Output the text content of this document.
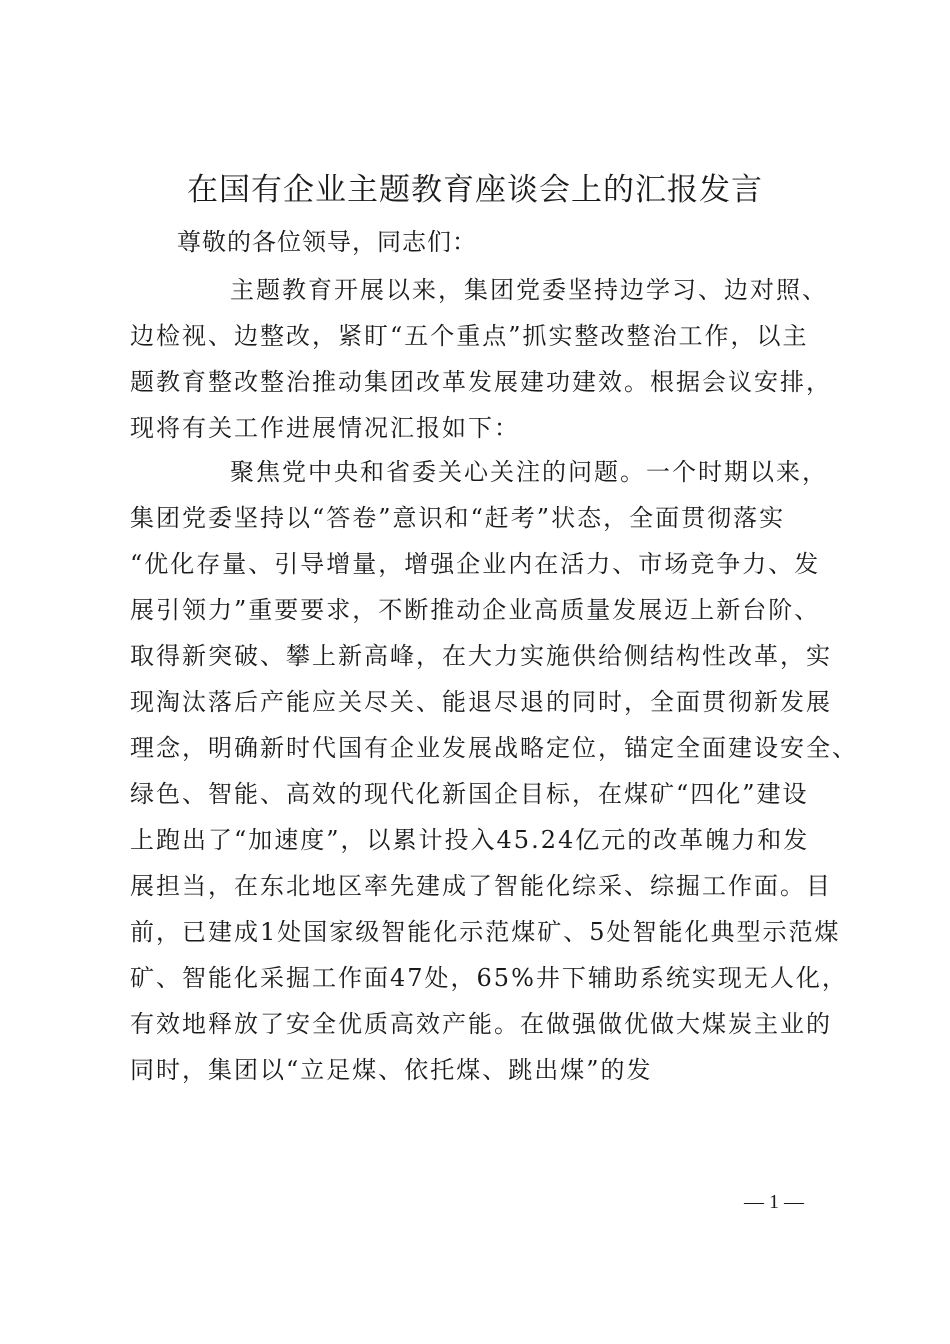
在国有企业主题教育座谈会上的汇报发言
尊敬的各位领导，同志们：
主题教育开展以来，集团党委坚持边学习、边对照、
边检视、边整改，紧盯“五个重点”抓实整改整治工作，以主
题教育整改整治推动集团改革发展建功建效。根据会议安排，
现将有关工作进展情况汇报如下：
聚焦党中央和省委关心关注的问题。一个时期以来，
集团党委坚持以“答卷”意识和“赶考”状态，全面贯彻落实
“优化存量、引导增量，增强企业内在活力、市场竞争力、发
展引领力”重要要求，不断推动企业高质量发展迈上新台阶、
取得新突破、攀上新高峰，在大力实施供给侧结构性改革，实
现淘汰落后产能应关尽关、能退尽退的同时，全面贯彻新发展
理念，明确新时代国有企业发展战略定位，锚定全面建设安全、
绿色、智能、高效的现代化新国企目标，在煤矿“四化”建设
上跑出了“加速度”，以累计投入45.24亿元的改革魄力和发
展担当，在东北地区率先建成了智能化综采、综掘工作面。目
前，已建成1处国家级智能化示范煤矿、5处智能化典型示范煤
矿、智能化采掘工作面47处，65%井下辅助系统实现无人化，
有效地释放了安全优质高效产能。在做强做优做大煤炭主业的
同时，集团以“立足煤、依托煤、跳出煤”的发
— 1 —
